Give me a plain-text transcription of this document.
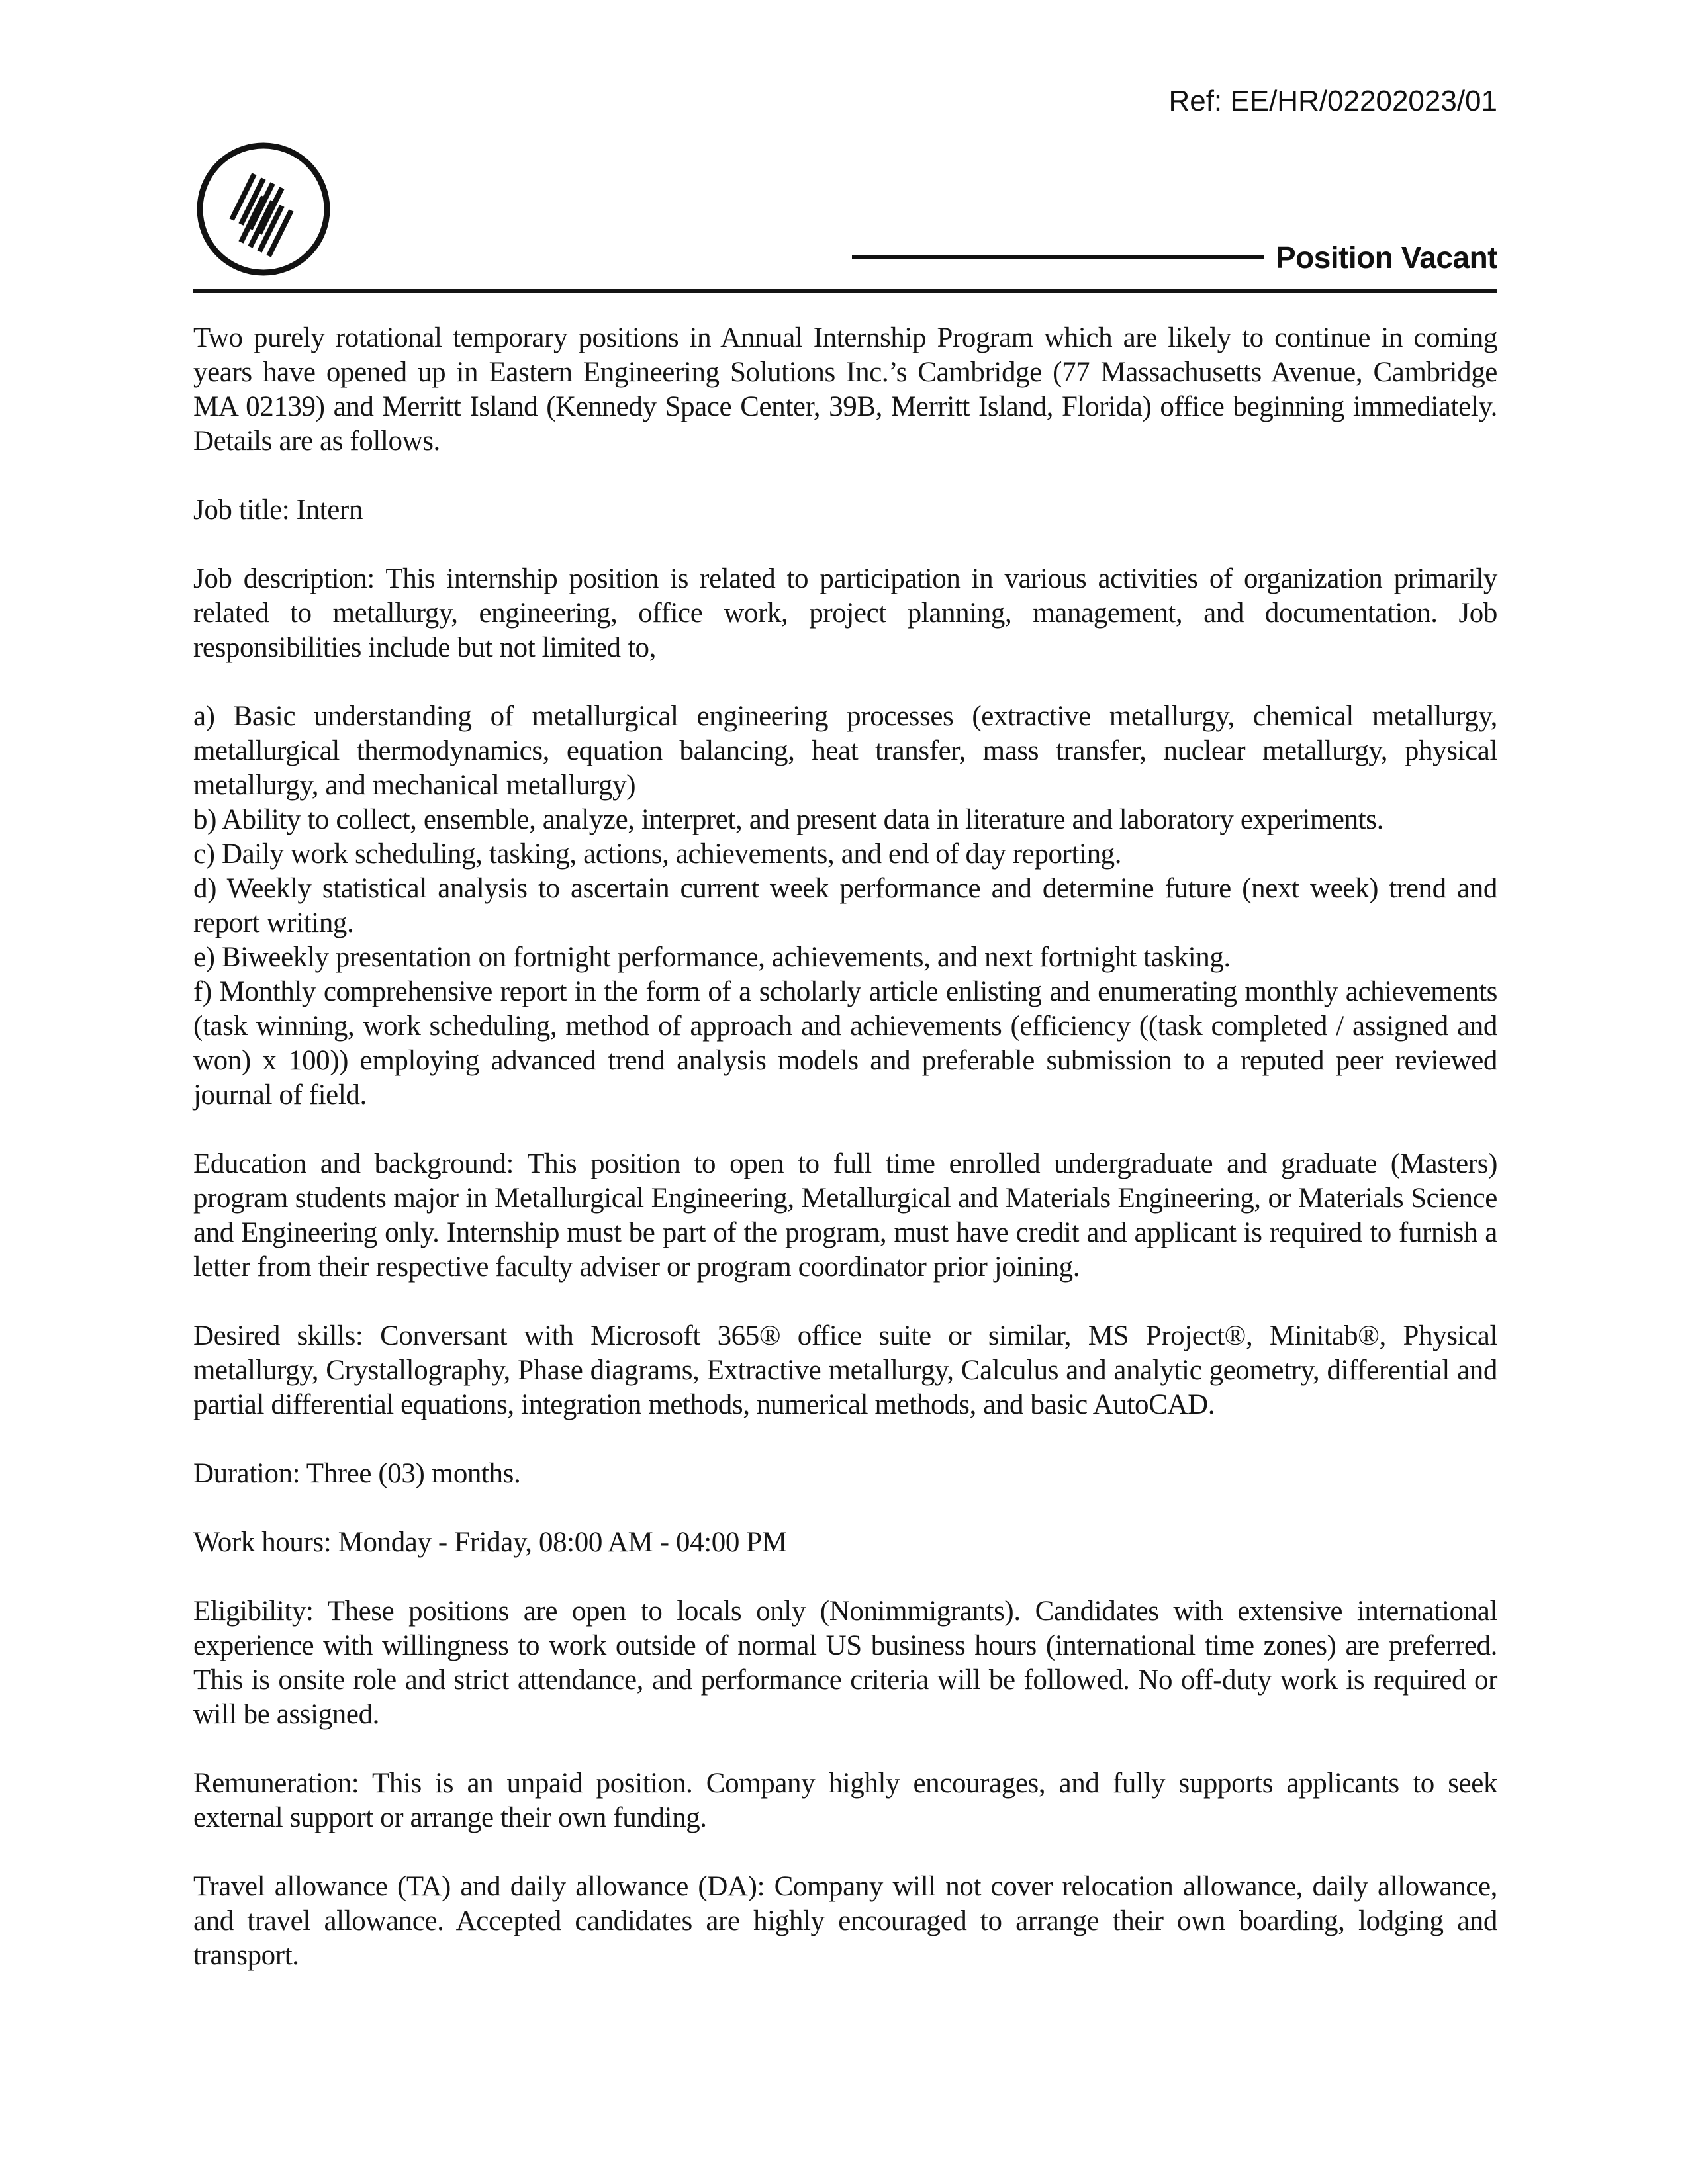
Ref: EE/HR/02202023/01
Position Vacant

Two purely rotational temporary positions in Annual Internship Program which are likely to continue in coming years have opened up in Eastern Engineering Solutions Inc.’s Cambridge (77 Massachusetts Avenue, Cambridge MA 02139) and Merritt Island (Kennedy Space Center, 39B, Merritt Island, Florida) office beginning immediately. Details are as follows.

Job title: Intern

Job description: This internship position is related to participation in various activities of organization primarily related to metallurgy, engineering, office work, project planning, management, and documentation. Job responsibilities include but not limited to,

a) Basic understanding of metallurgical engineering processes (extractive metallurgy, chemical metallurgy, metallurgical thermodynamics, equation balancing, heat transfer, mass transfer, nuclear metallurgy, physical metallurgy, and mechanical metallurgy)

b) Ability to collect, ensemble, analyze, interpret, and present data in literature and laboratory experiments.

c) Daily work scheduling, tasking, actions, achievements, and end of day reporting.

d) Weekly statistical analysis to ascertain current week performance and determine future (next week) trend and report writing.

e) Biweekly presentation on fortnight performance, achievements, and next fortnight tasking.

f) Monthly comprehensive report in the form of a scholarly article enlisting and enumerating monthly achievements (task winning, work scheduling, method of approach and achievements (efficiency ((task completed / assigned and won) x 100)) employing advanced trend analysis models and preferable submission to a reputed peer reviewed journal of field.

Education and background: This position to open to full time enrolled undergraduate and graduate (Masters) program students major in Metallurgical Engineering, Metallurgical and Materials Engineering, or Materials Science and Engineering only. Internship must be part of the program, must have credit and applicant is required to furnish a letter from their respective faculty adviser or program coordinator prior joining.

Desired skills: Conversant with Microsoft 365® office suite or similar, MS Project®, Minitab®, Physical metallurgy, Crystallography, Phase diagrams, Extractive metallurgy, Calculus and analytic geometry, differential and partial differential equations, integration methods, numerical methods, and basic AutoCAD.

Duration: Three (03) months.

Work hours: Monday - Friday, 08:00 AM - 04:00 PM

Eligibility: These positions are open to locals only (Nonimmigrants). Candidates with extensive international experience with willingness to work outside of normal US business hours (international time zones) are preferred. This is onsite role and strict attendance, and performance criteria will be followed. No off-duty work is required or will be assigned.

Remuneration: This is an unpaid position. Company highly encourages, and fully supports applicants to seek external support or arrange their own funding.

Travel allowance (TA) and daily allowance (DA): Company will not cover relocation allowance, daily allowance, and travel allowance. Accepted candidates are highly encouraged to arrange their own boarding, lodging and transport.
